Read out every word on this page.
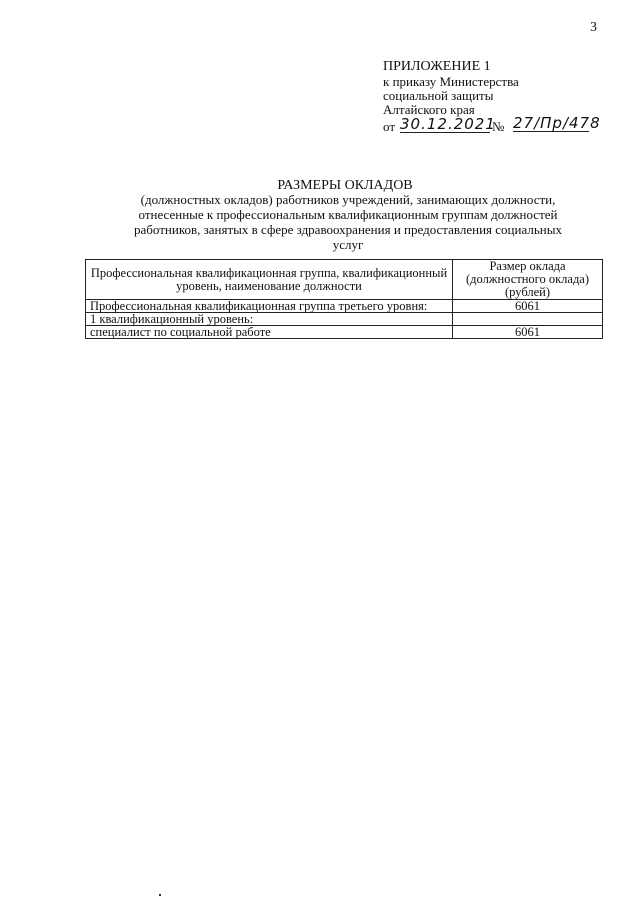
3
ПРИЛОЖЕНИЕ 1
к приказу Министерства
социальной защиты
Алтайского края
от 30.12.2021
№ 27/Пр/478
РАЗМЕРЫ ОКЛАДОВ
(должностных окладов) работников учреждений, занимающих должности, отнесенные к профессиональным квалификационным группам должностей работников, занятых в сфере здравоохранения и предоставления социальных услуг
Профессиональная квалификационная группа, квалификационный уровень, наименование должности	Размер оклада (должностного оклада) (рублей)
Профессиональная квалификационная группа третьего уровня:	6061
1 квалификационный уровень:	
специалист по социальной работе	6061
